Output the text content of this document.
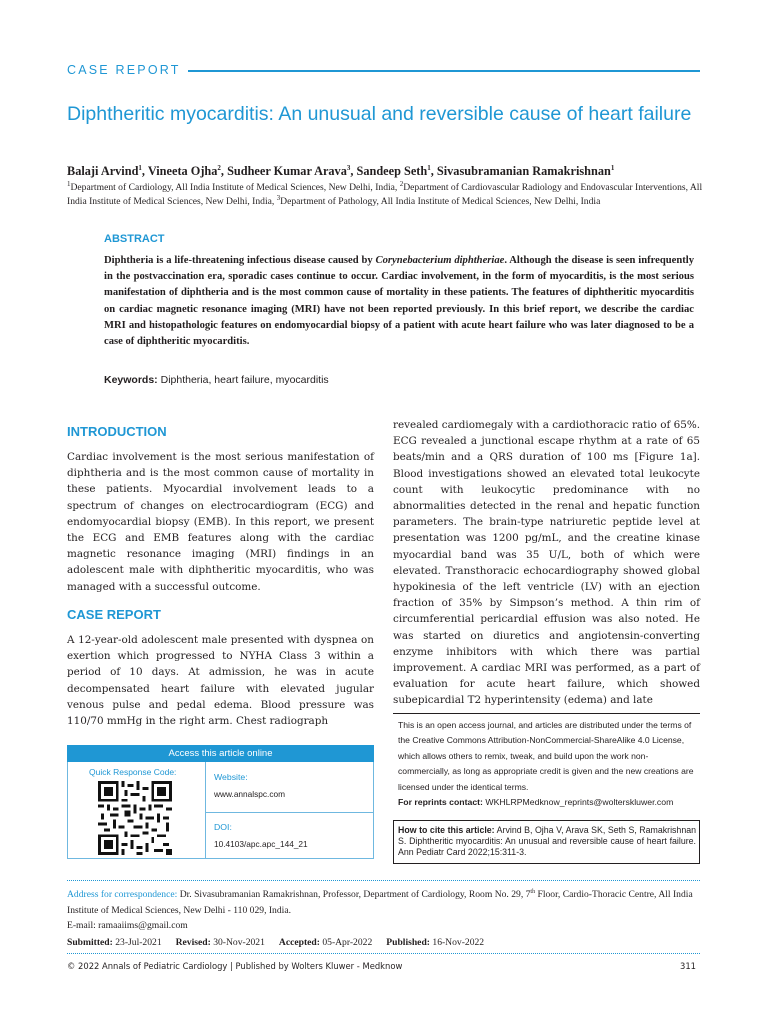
CASE REPORT
Diphtheritic myocarditis: An unusual and reversible cause of heart failure
Balaji Arvind$^1$, Vineeta Ojha$^2$, Sudheer Kumar Arava$^3$, Sandeep Seth$^1$, Sivasubramanian Ramakrishnan$^1$
$^1$Department of Cardiology, All India Institute of Medical Sciences, New Delhi, India, $^2$Department of Cardiovascular Radiology and Endovascular Interventions, All India Institute of Medical Sciences, New Delhi, India, $^3$Department of Pathology, All India Institute of Medical Sciences, New Delhi, India
ABSTRACT
Diphtheria is a life-threatening infectious disease caused by Corynebacterium diphtheriae. Although the disease is seen infrequently in the postvaccination era, sporadic cases continue to occur. Cardiac involvement, in the form of myocarditis, is the most serious manifestation of diphtheria and is the most common cause of mortality in these patients. The features of diphtheritic myocarditis on cardiac magnetic resonance imaging (MRI) have not been reported previously. In this brief report, we describe the cardiac MRI and histopathologic features on endomyocardial biopsy of a patient with acute heart failure who was later diagnosed to be a case of diphtheritic myocarditis.
Keywords: Diphtheria, heart failure, myocarditis
INTRODUCTION
Cardiac involvement is the most serious manifestation of diphtheria and is the most common cause of mortality in these patients. Myocardial involvement leads to a spectrum of changes on electrocardiogram (ECG) and endomyocardial biopsy (EMB). In this report, we present the ECG and EMB features along with the cardiac magnetic resonance imaging (MRI) findings in an adolescent male with diphtheritic myocarditis, who was managed with a successful outcome.
CASE REPORT
A 12-year-old adolescent male presented with dyspnea on exertion which progressed to NYHA Class 3 within a period of 10 days. At admission, he was in acute decompensated heart failure with elevated jugular venous pulse and pedal edema. Blood pressure was 110/70 mmHg in the right arm. Chest radiograph
revealed cardiomegaly with a cardiothoracic ratio of 65%. ECG revealed a junctional escape rhythm at a rate of 65 beats/min and a QRS duration of 100 ms [Figure 1a]. Blood investigations showed an elevated total leukocyte count with leukocytic predominance with no abnormalities detected in the renal and hepatic function parameters. The brain-type natriuretic peptide level at presentation was 1200 pg/mL, and the creatine kinase myocardial band was 35 U/L, both of which were elevated. Transthoracic echocardiography showed global hypokinesia of the left ventricle (LV) with an ejection fraction of 35% by Simpson’s method. A thin rim of circumferential pericardial effusion was also noted. He was started on diuretics and angiotensin-converting enzyme inhibitors with which there was partial improvement. A cardiac MRI was performed, as a part of evaluation for acute heart failure, which showed subepicardial T2 hyperintensity (edema) and late
Access this article online
Quick Response Code:	Website:
www.annalspc.com
DOI:
10.4103/apc.apc_144_21
This is an open access journal, and articles are distributed under the terms of the Creative Commons Attribution-NonCommercial-ShareAlike 4.0 License, which allows others to remix, tweak, and build upon the work non-commercially, as long as appropriate credit is given and the new creations are licensed under the identical terms.
For reprints contact: WKHLRPMedknow_reprints@wolterskluwer.com
How to cite this article: Arvind B, Ojha V, Arava SK, Seth S, Ramakrishnan S. Diphtheritic myocarditis: An unusual and reversible cause of heart failure. Ann Pediatr Card 2022;15:311-3.
Address for correspondence: Dr. Sivasubramanian Ramakrishnan, Professor, Department of Cardiology, Room No. 29, 7th Floor, Cardio-Thoracic Centre, All India Institute of Medical Sciences, New Delhi - 110 029, India.
E-mail: ramaaiims@gmail.com
Submitted: 23-Jul-2021 Revised: 30-Nov-2021 Accepted: 05-Apr-2022 Published: 16-Nov-2022
© 2022 Annals of Pediatric Cardiology | Published by Wolters Kluwer - Medknow	311
